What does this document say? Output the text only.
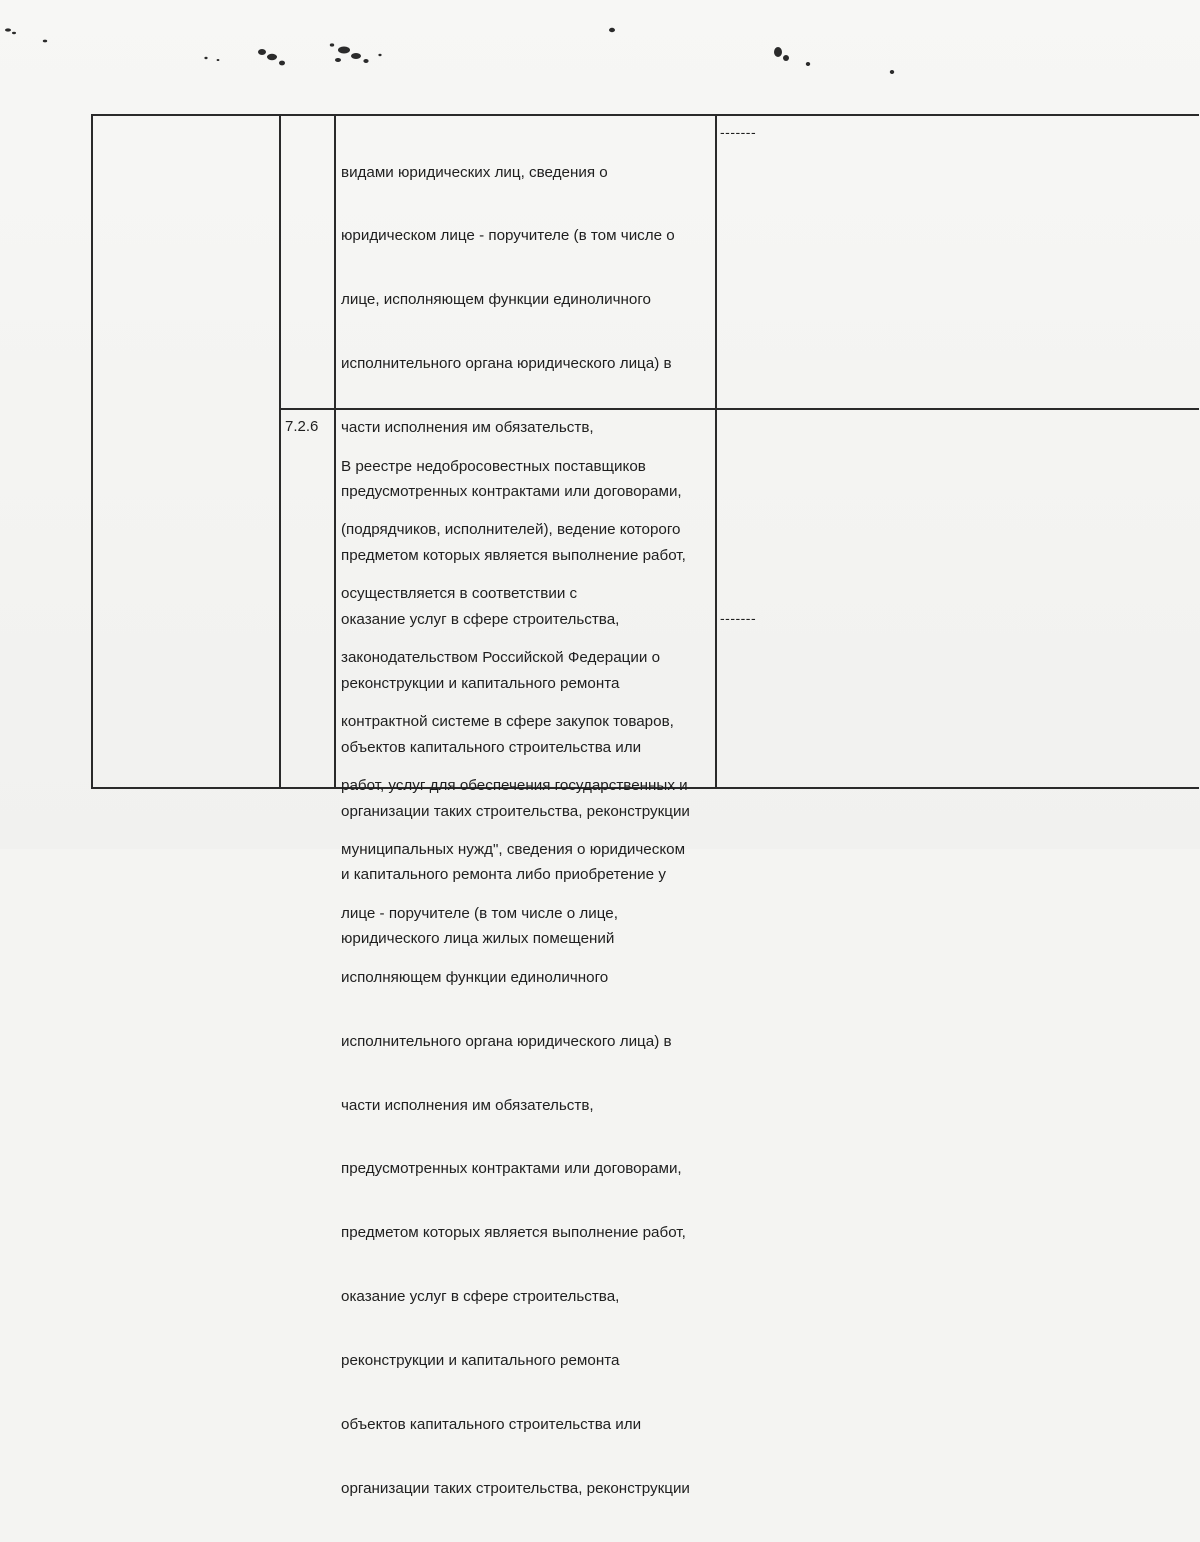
видами юридических лиц, сведения о

юридическом лице - поручителе (в том числе о

лице, исполняющем функции единоличного

исполнительного органа юридического лица) в

части исполнения им обязательств,

предусмотренных контрактами или договорами,

предметом которых является выполнение работ,

оказание услуг в сфере строительства,

реконструкции и капитального ремонта

объектов капитального строительства или

организации таких строительства, реконструкции

и капитального ремонта либо приобретение у

юридического лица жилых помещений

-------
7.2.6

В реестре недобросовестных поставщиков

(подрядчиков, исполнителей), ведение которого

осуществляется в соответствии с

законодательством Российской Федерации о

контрактной системе в сфере закупок товаров,

работ, услуг для обеспечения государственных и

муниципальных нужд", сведения о юридическом

лице - поручителе (в том числе о лице,

исполняющем функции единоличного

исполнительного органа юридического лица) в

части исполнения им обязательств,

предусмотренных контрактами или договорами,

предметом которых является выполнение работ,

оказание услуг в сфере строительства,

реконструкции и капитального ремонта

объектов капитального строительства или

организации таких строительства, реконструкции

-------
